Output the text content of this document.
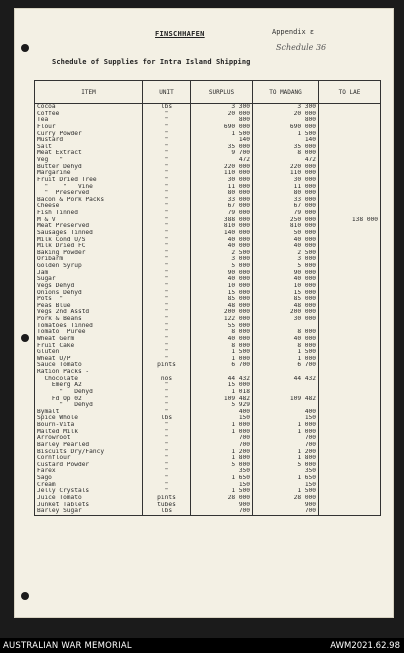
FINSCHHAFEN	Appendix ε
Schedule 36
Schedule of Supplies for Intra Island Shipping
ITEM	UNIT	SURPLUS	TO MADANG	TO LAE
Cocoa	lbs	3 300	3 300	
Coffee	"	20 000	20 000	
Tea	"	800	800	
Flour	"	690 000	690 000	
Curry Powder	"	1 500	1 500	
Mustard	"	140	140	
Salt	"	35 000	35 000	
Meat Extract	"	9 700	8 000	
Veg   "	"	472	472	
Butter Dehyd	"	220 000	220 000	
Margarine	"	110 000	110 000	
Fruit Dried Tree	"	30 000	30 000	
"    "   Vine	"	11 000	11 000	
"  Preserved	"	80 000	80 000	
Bacon & Pork Packs	"	33 000	33 000	
Cheese	"	67 000	67 000	
Fish Tinned	"	79 000	79 000	
M & V	"	388 000	250 000	138 000
Meat Preserved	"	810 000	810 000	
Sausages Tinned	"	140 000	50 000	
Milk Cond U/S	"	40 000	40 000	
Milk Dried FC	"	40 000	40 000	
Baking Powder	"	2 500	2 500	
Oribarm	"	3 000	3 000	
Golden Syrup	"	5 000	5 000	
Jam	"	90 000	90 000	
Sugar	"	40 000	40 000	
Vegs Dehyd	"	10 000	10 000	
Onions Dehyd	"	15 000	15 000	
Pots  "	"	85 000	85 000	
Peas Blue	"	48 000	48 000	
Vegs 2nd Asstd	"	200 000	200 000	
Pork & Beans	"	122 000	30 000	
Tomatoes Tinned	"	55 000		
Tomato  Puree	"	8 000	8 000	
Wheat Germ	"	40 000	40 000	
Fruit Cake	"	8 000	8 000	
Gluten	"	1 500	1 500	
Wheat U/P	"	1 000	1 000	
Sauce Tomato	pints	6 700	6 700	
Ration Packs -				
Chocolate	nos	44 432	44 432	
Emerg A2	"	15 000		
"   Dehyd	"	1 018		
Fd Op 02	"	109 482	109 482	
"   Dehyd	"	5 929		
Bymalt	"	400	400	
Spice Whole	lbs	150	150	
Bourn-Vita	"	1 000	1 000	
Malted Milk	"	1 000	1 000	
Arrowroot	"	700	700	
Barley Pearled	"	700	700	
Biscuits Dry/Fancy	"	1 200	1 200	
Cornflour	"	1 800	1 800	
Custard Powder	"	5 000	5 000	
Farex	"	350	350	
Sago	"	1 650	1 650	
Cream	"	150	150	
Jelly Crystals	"	1 500	1 500	
Juice Tomato	pints	28 000	28 000	
Junket Tablets	tubes	900	900	
Barley Sugar	lbs	700	700	
AUSTRALIAN WAR MEMORIAL	AWM2021.62.98
